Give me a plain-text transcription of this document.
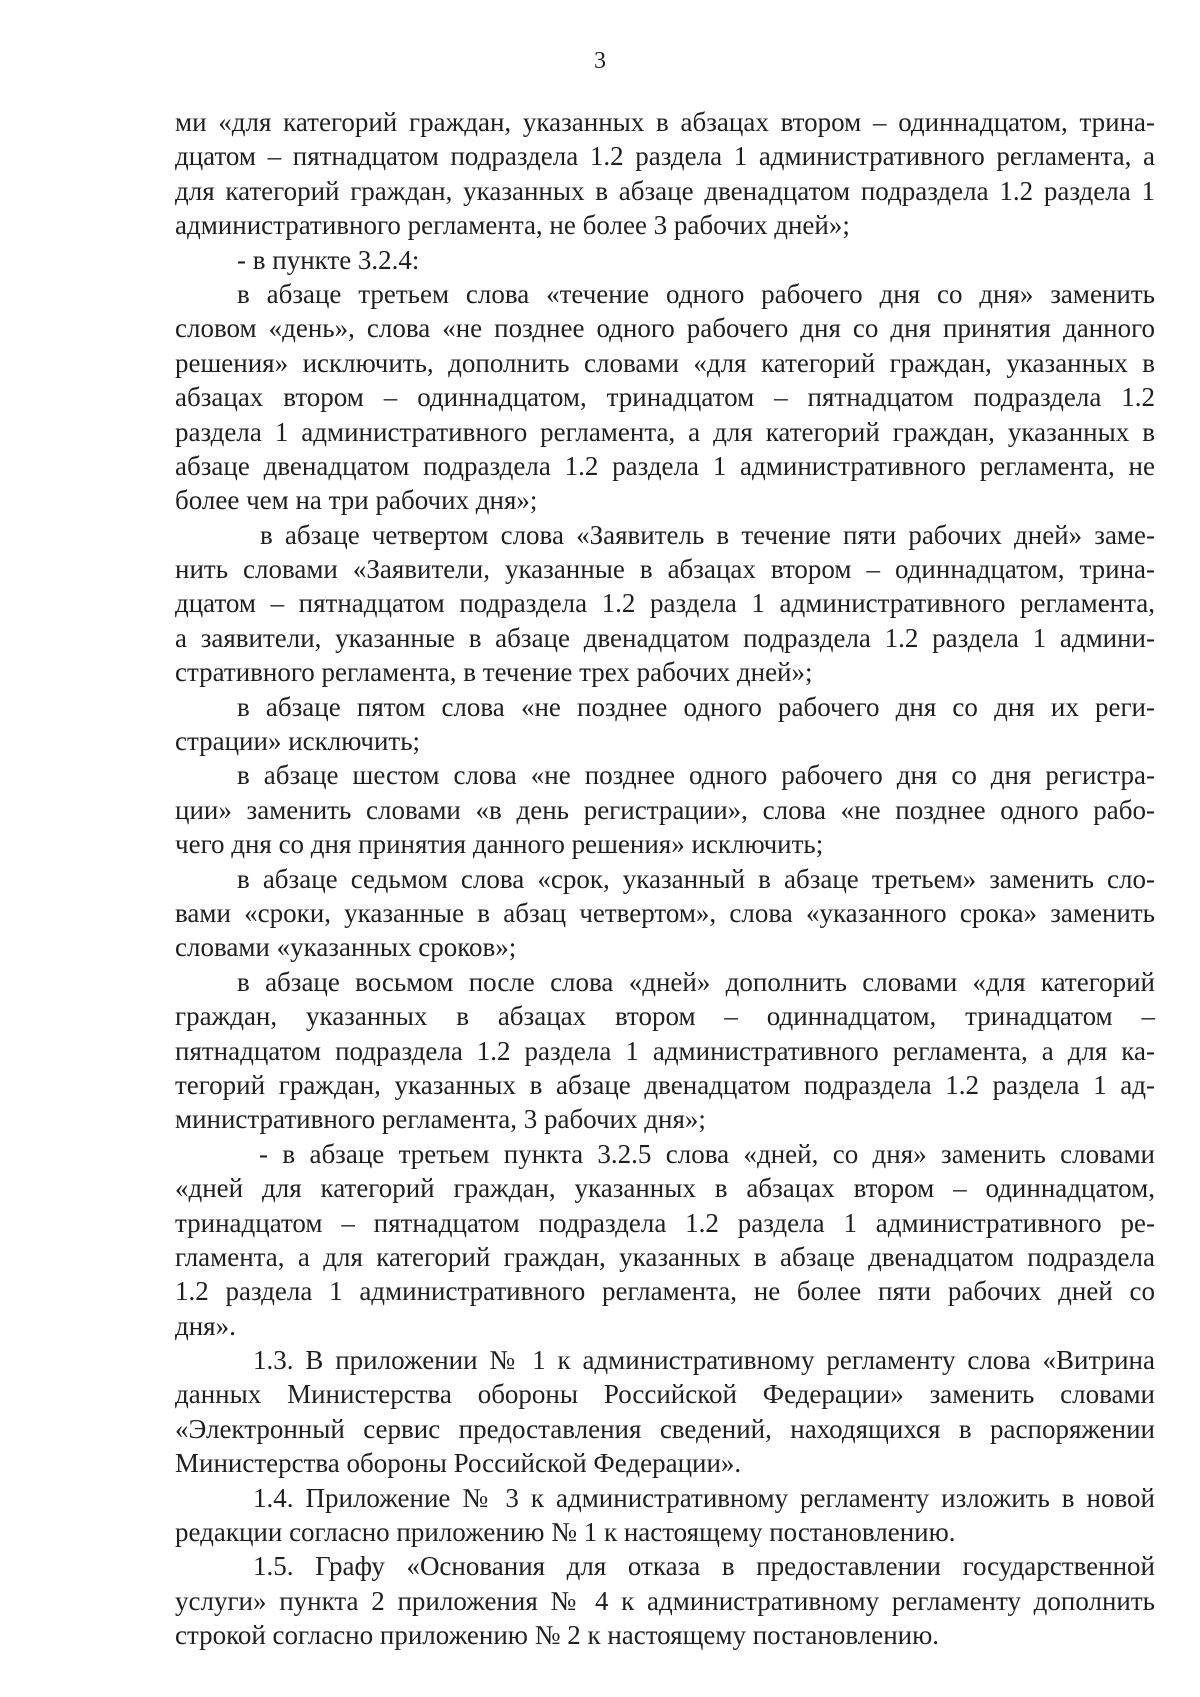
3
ми «для категорий граждан, указанных в абзацах втором – одиннадцатом, трина-
дцатом – пятнадцатом подраздела 1.2 раздела 1 административного регламента, а
для категорий граждан, указанных в абзаце двенадцатом подраздела 1.2 раздела 1
административного регламента, не более 3 рабочих дней»;
- в пункте 3.2.4:
в абзаце третьем слова «течение одного рабочего дня со дня» заменить
словом «день», слова «не позднее одного рабочего дня со дня принятия данного
решения» исключить, дополнить словами «для категорий граждан, указанных в
абзацах втором – одиннадцатом, тринадцатом – пятнадцатом подраздела 1.2
раздела 1 административного регламента, а для категорий граждан, указанных в
абзаце двенадцатом подраздела 1.2 раздела 1 административного регламента, не
более чем на три рабочих дня»;
в абзаце четвертом слова «Заявитель в течение пяти рабочих дней» заме-
нить словами «Заявители, указанные в абзацах втором – одиннадцатом, трина-
дцатом – пятнадцатом подраздела 1.2 раздела 1 административного регламента,
а заявители, указанные в абзаце двенадцатом подраздела 1.2 раздела 1 админи-
стративного регламента, в течение трех рабочих дней»;
в абзаце пятом слова «не позднее одного рабочего дня со дня их реги-
страции» исключить;
в абзаце шестом слова «не позднее одного рабочего дня со дня регистра-
ции» заменить словами «в день регистрации», слова «не позднее одного рабо-
чего дня со дня принятия данного решения» исключить;
в абзаце седьмом слова «срок, указанный в абзаце третьем» заменить сло-
вами «сроки, указанные в абзац четвертом», слова «указанного срока» заменить
словами «указанных сроков»;
в абзаце восьмом после слова «дней» дополнить словами «для категорий
граждан, указанных в абзацах втором – одиннадцатом, тринадцатом –
пятнадцатом подраздела 1.2 раздела 1 административного регламента, а для ка-
тегорий граждан, указанных в абзаце двенадцатом подраздела 1.2 раздела 1 ад-
министративного регламента, 3 рабочих дня»;
- в абзаце третьем пункта 3.2.5 слова «дней, со дня» заменить словами
«дней для категорий граждан, указанных в абзацах втором – одиннадцатом,
тринадцатом – пятнадцатом подраздела 1.2 раздела 1 административного ре-
гламента, а для категорий граждан, указанных в абзаце двенадцатом подраздела
1.2 раздела 1 административного регламента, не более пяти рабочих дней со
дня».
1.3. В приложении № 1 к административному регламенту слова «Витрина
данных Министерства обороны Российской Федерации» заменить словами
«Электронный сервис предоставления сведений, находящихся в распоряжении
Министерства обороны Российской Федерации».
1.4. Приложение № 3 к административному регламенту изложить в новой
редакции согласно приложению № 1 к настоящему постановлению.
1.5. Графу «Основания для отказа в предоставлении государственной
услуги» пункта 2 приложения № 4 к административному регламенту дополнить
строкой согласно приложению № 2 к настоящему постановлению.
